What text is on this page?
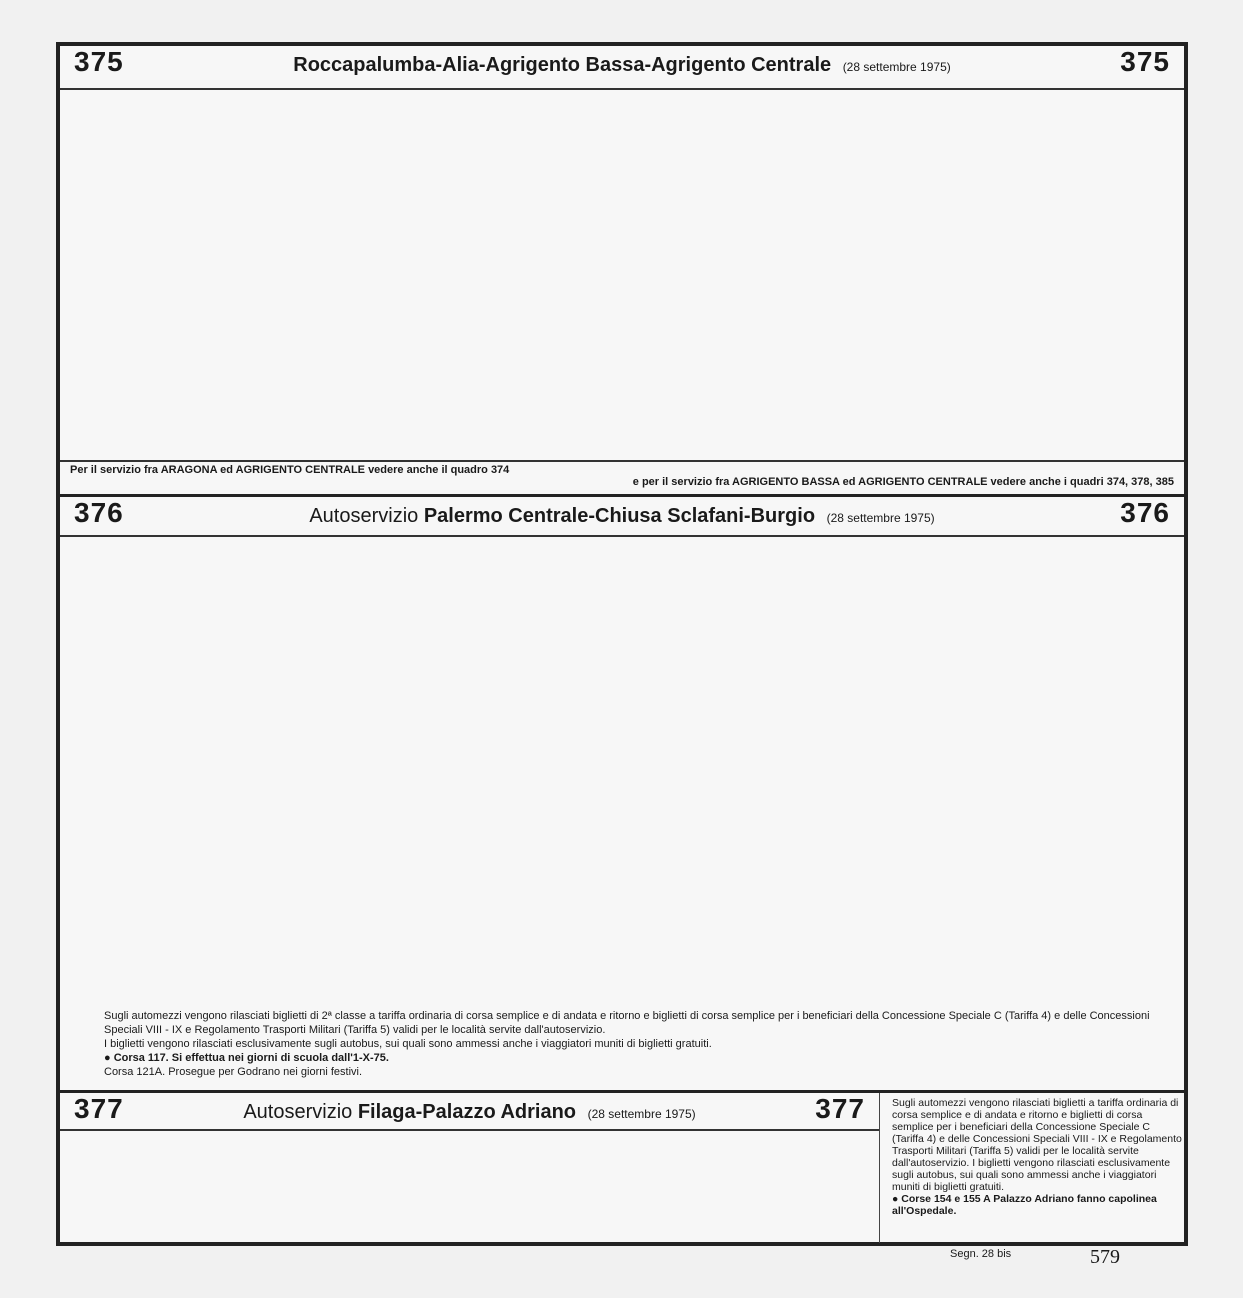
375	Roccapalumba-Alia-Agrigento Bassa-Agrigento Centrale (28 settembre 1975)	375
Per il servizio fra ARAGONA ed AGRIGENTO CENTRALE vedere anche il quadro 374
e per il servizio fra AGRIGENTO BASSA ed AGRIGENTO CENTRALE vedere anche i quadri 374, 378, 385
376	Autoservizio Palermo Centrale-Chiusa Sclafani-Burgio (28 settembre 1975)	376
Sugli automezzi vengono rilasciati biglietti di 2ª classe a tariffa ordinaria di corsa semplice e di andata e ritorno e biglietti di corsa semplice per i beneficiari della Concessione Speciale C (Tariffa 4) e delle Concessioni Speciali VIII - IX e Regolamento Trasporti Militari (Tariffa 5) validi per le località servite dall'autoservizio.
I biglietti vengono rilasciati esclusivamente sugli autobus, sui quali sono ammessi anche i viaggiatori muniti di biglietti gratuiti.
● Corsa 117. Si effettua nei giorni di scuola dall'1-X-75.
Corsa 121A. Prosegue per Godrano nei giorni festivi.
377	Autoservizio Filaga-Palazzo Adriano (28 settembre 1975)	377	Sugli automezzi vengono rilasciati biglietti a tariffa ordinaria di corsa semplice e di andata e ritorno e biglietti di corsa semplice per i beneficiari della Concessione Speciale C (Tariffa 4) e delle Concessioni Speciali VIII - IX e Regolamento Trasporti Militari (Tariffa 5) validi per le località servite dall'autoservizio. I biglietti vengono rilasciati esclusivamente sugli autobus, sui quali sono ammessi anche i viaggiatori muniti di biglietti gratuiti.
● Corse 154 e 155 A Palazzo Adriano fanno capolinea all'Ospedale.
Segn. 28 bis	579
